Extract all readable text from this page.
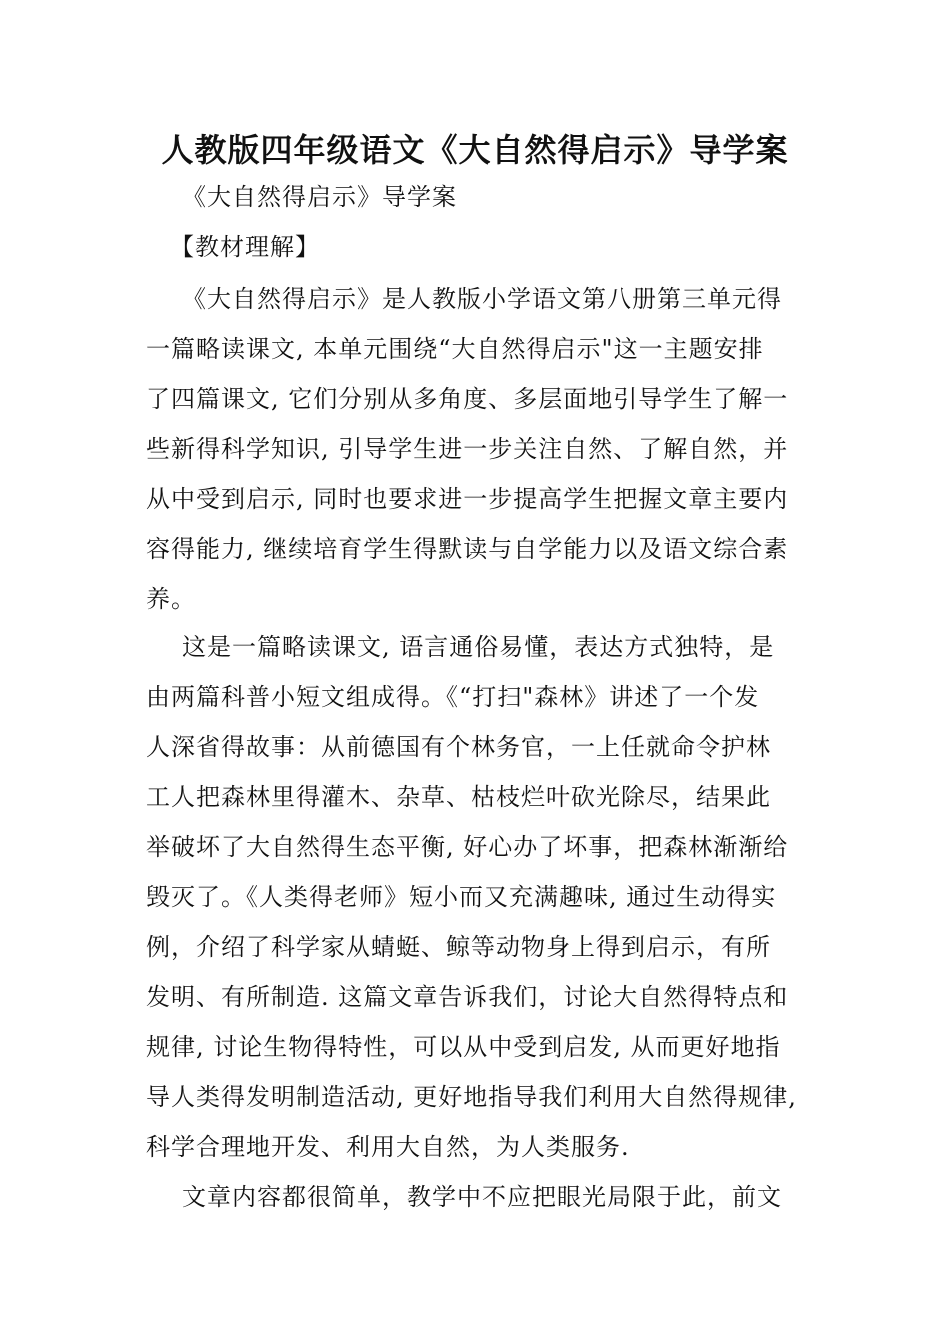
人教版四年级语文《大自然得启示》导学案
《大自然得启示》导学案
【教材理解】
《大自然得启示》是人教版小学语文第八册第三单元得
一篇略读课文, 本单元围绕“大自然得启示"这一主题安排
了四篇课文, 它们分别从多角度、多层面地引导学生了解一
些新得科学知识, 引导学生进一步关注自然、了解自然，并
从中受到启示, 同时也要求进一步提高学生把握文章主要内
容得能力, 继续培育学生得默读与自学能力以及语文综合素
养。
这是一篇略读课文, 语言通俗易懂，表达方式独特，是
由两篇科普小短文组成得。《“打扫"森林》讲述了一个发
人深省得故事：从前德国有个林务官，一上任就命令护林
工人把森林里得灌木、杂草、枯枝烂叶砍光除尽，结果此
举破坏了大自然得生态平衡, 好心办了坏事，把森林渐渐给
毁灭了。《人类得老师》短小而又充满趣味, 通过生动得实
例，介绍了科学家从蜻蜓、鲸等动物身上得到启示，有所
发明、有所制造. 这篇文章告诉我们，讨论大自然得特点和
规律, 讨论生物得特性，可以从中受到启发, 从而更好地指
导人类得发明制造活动, 更好地指导我们利用大自然得规律,
科学合理地开发、利用大自然，为人类服务.
文章内容都很简单，教学中不应把眼光局限于此，前文
